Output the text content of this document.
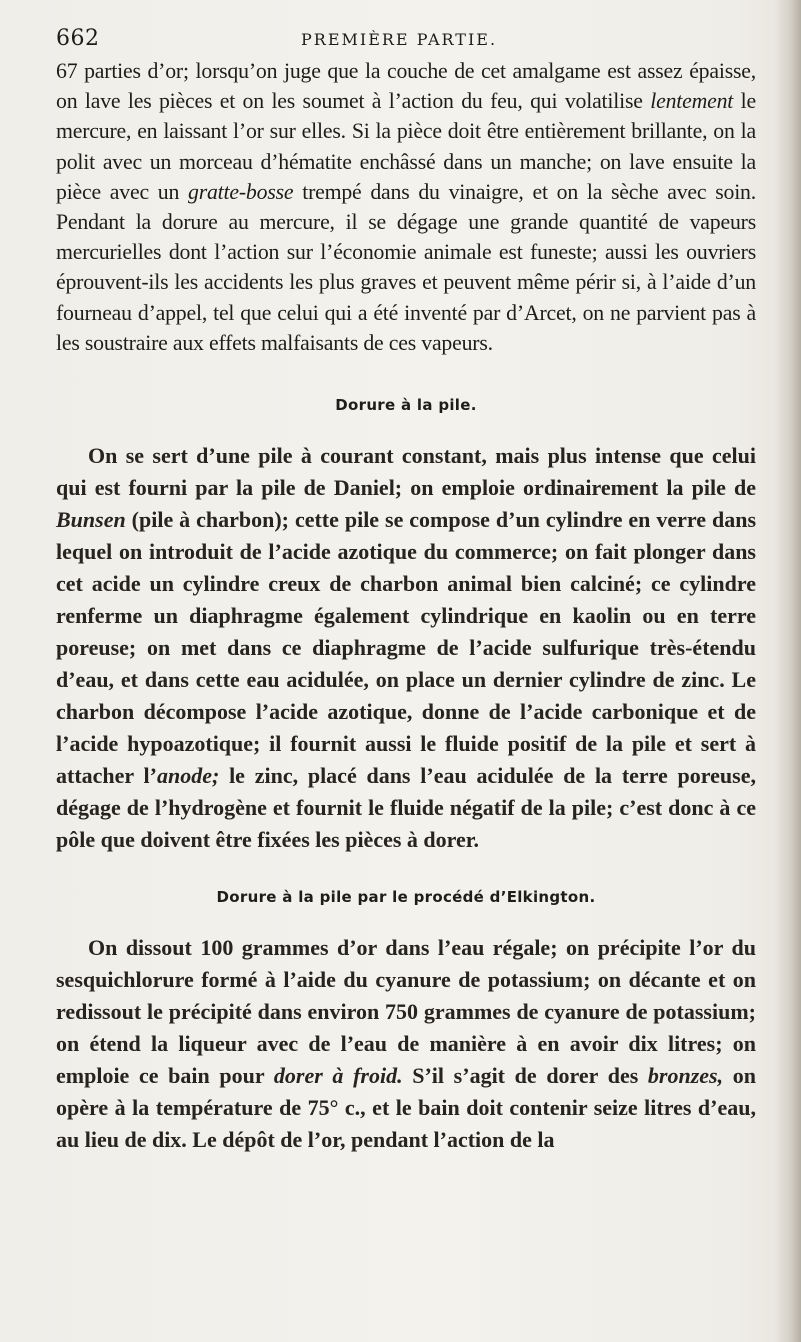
662	PREMIÈRE PARTIE.

67 parties d’or; lorsqu’on juge que la couche de cet amalgame est assez épaisse, on lave les pièces et on les soumet à l’action du feu, qui volatilise lentement le mercure, en laissant l’or sur elles. Si la pièce doit être entièrement brillante, on la polit avec un morceau d’hématite enchâssé dans un manche; on lave ensuite la pièce avec un gratte-bosse trempé dans du vinaigre, et on la sèche avec soin. Pendant la dorure au mercure, il se dégage une grande quantité de vapeurs mercurielles dont l’action sur l’économie animale est funeste; aussi les ouvriers éprouvent-ils les accidents les plus graves et peuvent même périr si, à l’aide d’un fourneau d’appel, tel que celui qui a été inventé par d’Arcet, on ne parvient pas à les soustraire aux effets malfaisants de ces vapeurs.

Dorure à la pile.

On se sert d’une pile à courant constant, mais plus intense que celui qui est fourni par la pile de Daniel; on emploie ordinairement la pile de Bunsen (pile à charbon); cette pile se compose d’un cylindre en verre dans lequel on introduit de l’acide azotique du commerce; on fait plonger dans cet acide un cylindre creux de charbon animal bien calciné; ce cylindre renferme un diaphragme également cylindrique en kaolin ou en terre poreuse; on met dans ce diaphragme de l’acide sulfurique très-étendu d’eau, et dans cette eau acidulée, on place un dernier cylindre de zinc. Le charbon décompose l’acide azotique, donne de l’acide carbonique et de l’acide hypoazotique; il fournit aussi le fluide positif de la pile et sert à attacher l’anode; le zinc, placé dans l’eau acidulée de la terre poreuse, dégage de l’hydrogène et fournit le fluide négatif de la pile; c’est donc à ce pôle que doivent être fixées les pièces à dorer.

Dorure à la pile par le procédé d’Elkington.

On dissout 100 grammes d’or dans l’eau régale; on précipite l’or du sesquichlorure formé à l’aide du cyanure de potassium; on décante et on redissout le précipité dans environ 750 grammes de cyanure de potassium; on étend la liqueur avec de l’eau de manière à en avoir dix litres; on emploie ce bain pour dorer à froid. S’il s’agit de dorer des bronzes, on opère à la température de 75° c., et le bain doit contenir seize litres d’eau, au lieu de dix. Le dépôt de l’or, pendant l’action de la
